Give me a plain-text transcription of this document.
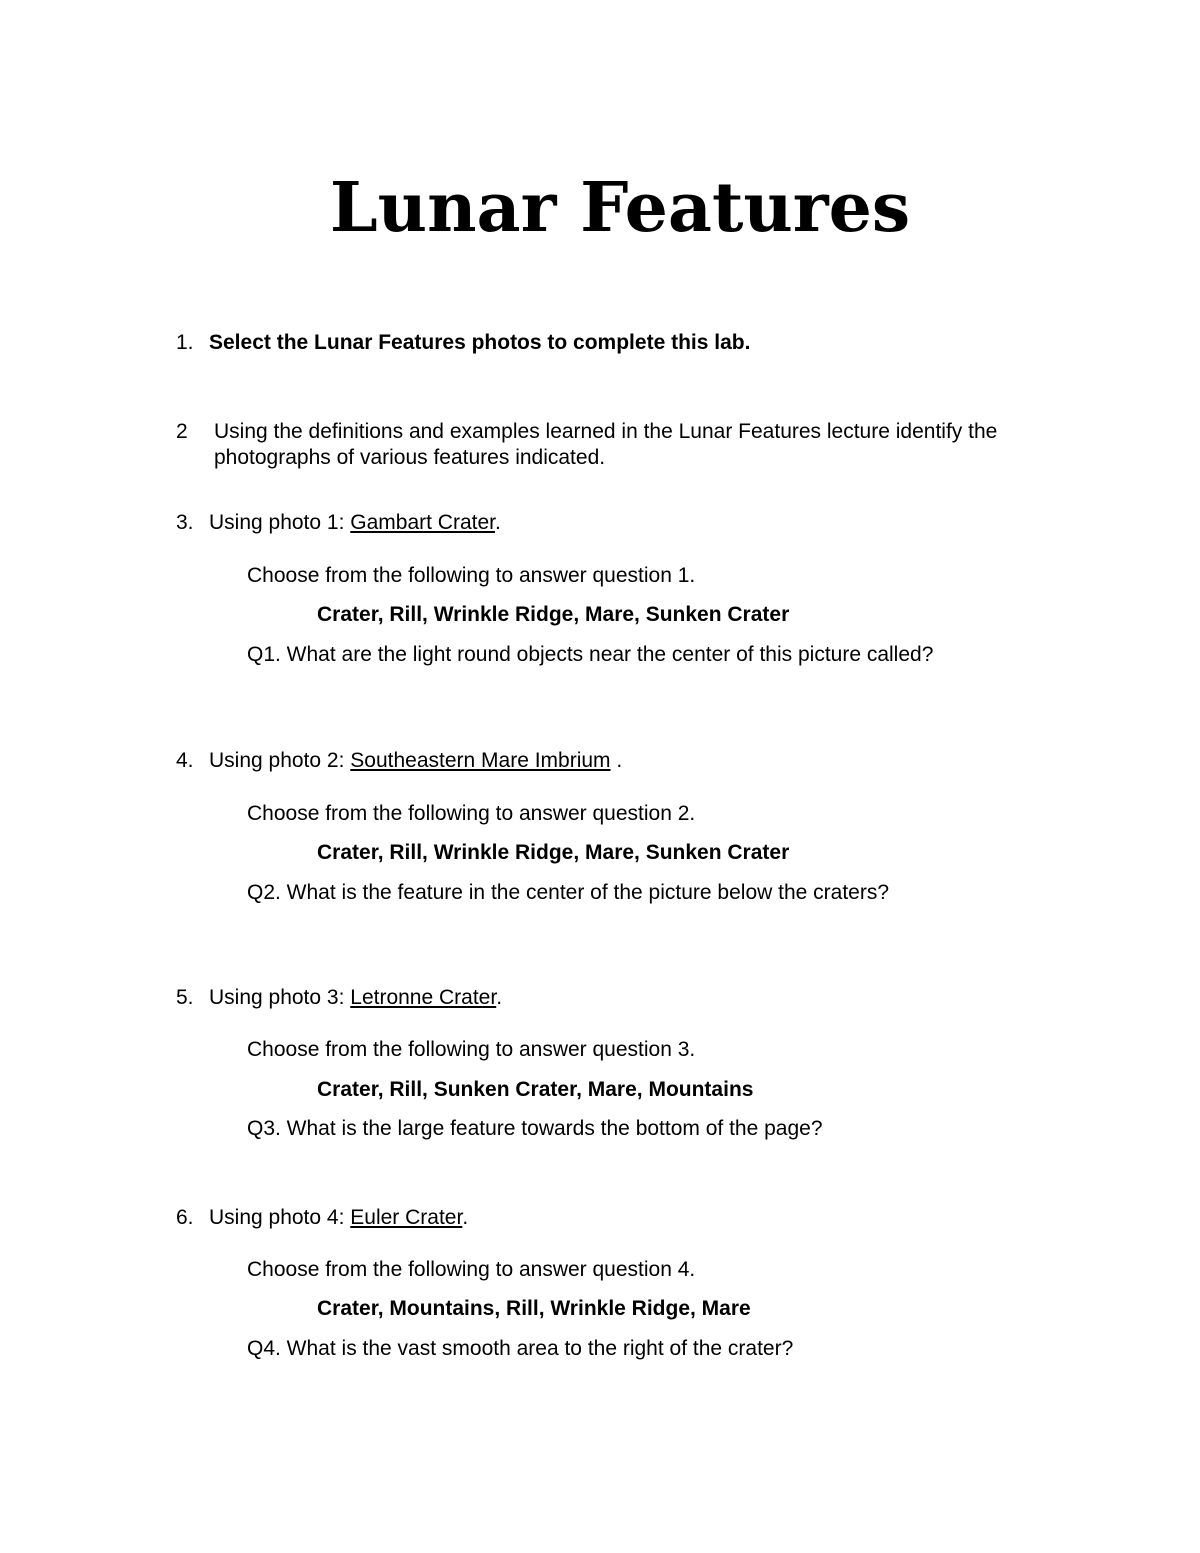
Lunar Features
1. Select the Lunar Features photos to complete this lab.
2 Using the definitions and examples learned in the Lunar Features lecture identify the photographs of various features indicated.
3. Using photo 1: Gambart Crater.
Choose from the following to answer question 1.
Crater, Rill, Wrinkle Ridge, Mare, Sunken Crater
Q1. What are the light round objects near the center of this picture called?
4. Using photo 2: Southeastern Mare Imbrium .
Choose from the following to answer question 2.
Crater, Rill, Wrinkle Ridge, Mare, Sunken Crater
Q2. What is the feature in the center of the picture below the craters?
5. Using photo 3: Letronne Crater.
Choose from the following to answer question 3.
Crater, Rill, Sunken Crater, Mare, Mountains
Q3. What is the large feature towards the bottom of the page?
6. Using photo 4: Euler Crater.
Choose from the following to answer question 4.
Crater, Mountains, Rill, Wrinkle Ridge, Mare
Q4. What is the vast smooth area to the right of the crater?
